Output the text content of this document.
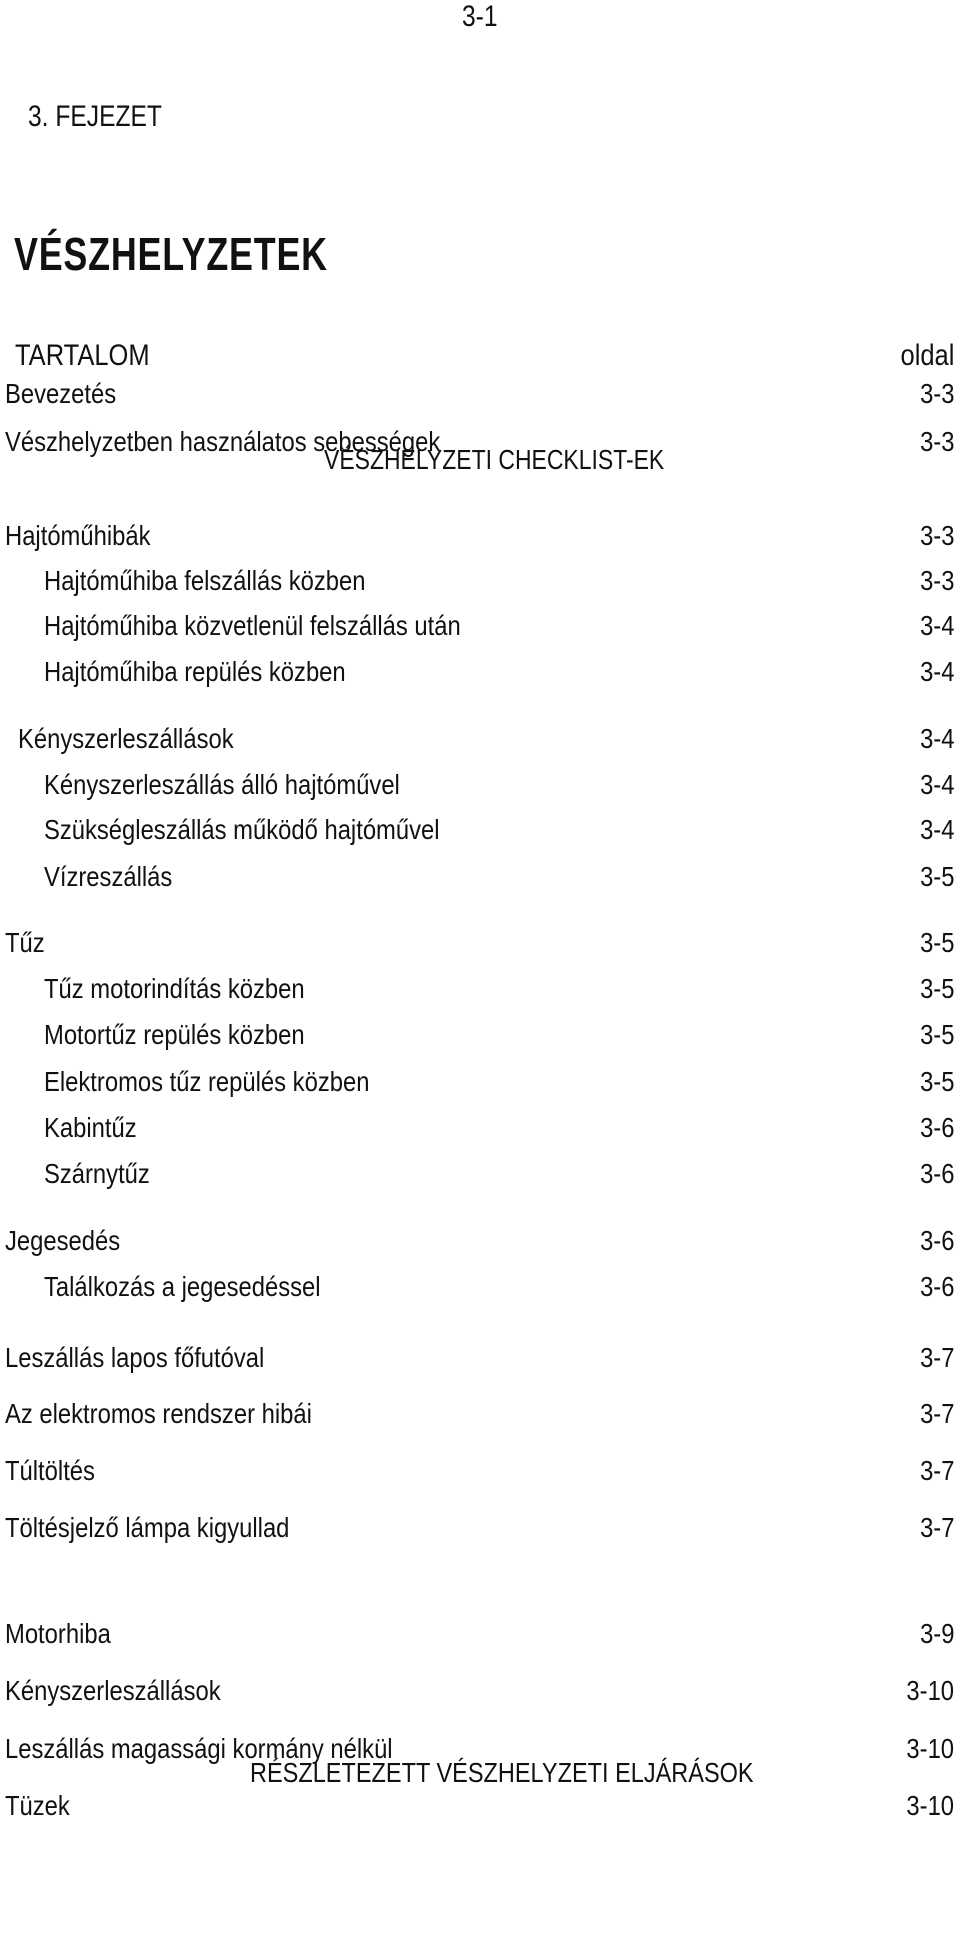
3-1
3. FEJEZET
VÉSZHELYZETEK
TARTALOM	oldal
VÉSZHELYZETI CHECKLIST-EK
RÉSZLETEZETT VÉSZHELYZETI ELJÁRÁSOK
Bevezetés	3-3
Vészhelyzetben használatos sebességek	3-3
Hajtóműhibák	3-3
Hajtóműhiba felszállás közben	3-3
Hajtóműhiba közvetlenül felszállás után	3-4
Hajtóműhiba repülés közben	3-4
Kényszerleszállások	3-4
Kényszerleszállás álló hajtóművel	3-4
Szükségleszállás működő hajtóművel	3-4
Vízreszállás	3-5
Tűz	3-5
Tűz motorindítás közben	3-5
Motortűz repülés közben	3-5
Elektromos tűz repülés közben	3-5
Kabintűz	3-6
Szárnytűz	3-6
Jegesedés	3-6
Találkozás a jegesedéssel	3-6
Leszállás lapos főfutóval	3-7
Az elektromos rendszer hibái	3-7
Túltöltés	3-7
Töltésjelző lámpa kigyullad	3-7
Motorhiba	3-9
Kényszerleszállások	3-10
Leszállás magassági kormány nélkül	3-10
Tüzek	3-10
